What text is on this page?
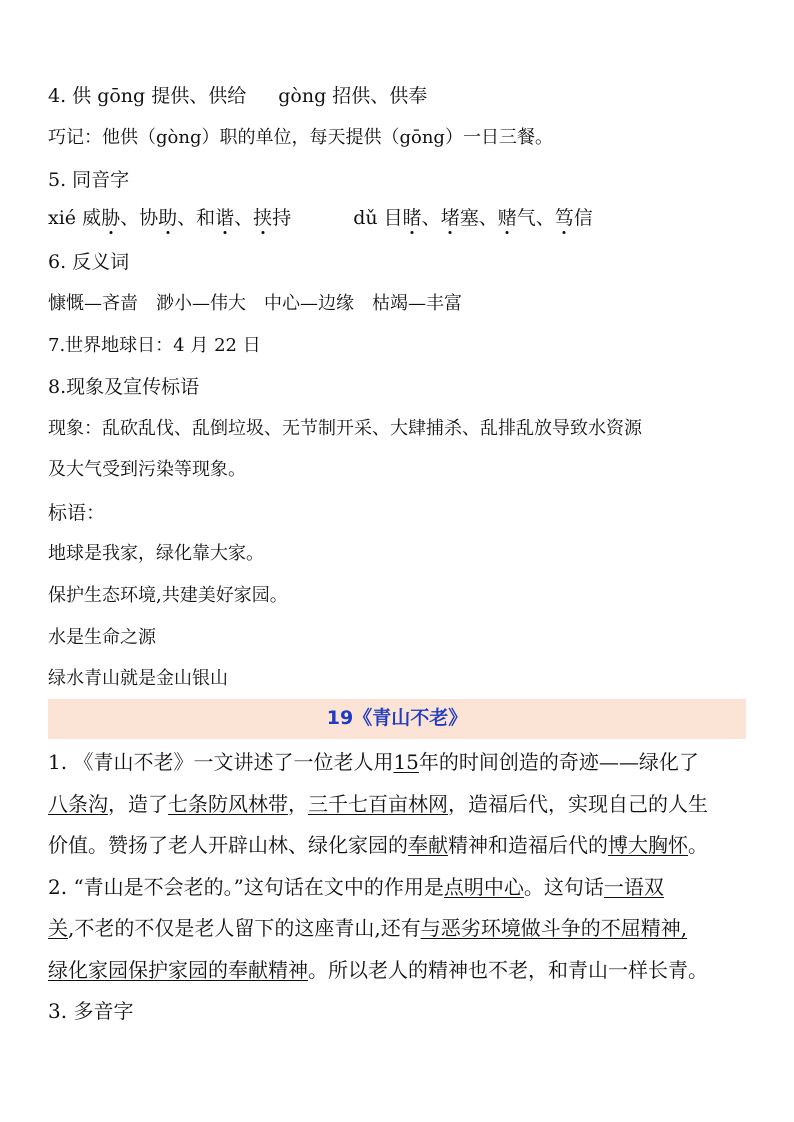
4. 供 gōng 提供、供给 gòng 招供、供奉
巧记：他供（gòng）职的单位，每天提供（gōng）一日三餐。
5. 同音字
xié 威胁、协助、和谐、挟持	dǔ 目睹、堵塞、赌气、笃信
6. 反义词
慷慨—吝啬 渺小—伟大 中心—边缘 枯竭—丰富
7.世界地球日：4 月 22 日
8.现象及宣传标语
现象：乱砍乱伐、乱倒垃圾、无节制开采、大肆捕杀、乱排乱放导致水资源
及大气受到污染等现象。
标语：
地球是我家，绿化靠大家。
保护生态环境,共建美好家园。
水是生命之源
绿水青山就是金山银山
19《青山不老》
1. 《青山不老》一文讲述了一位老人用15年的时间创造的奇迹——绿化了
八条沟，造了七条防风林带，三千七百亩林网，造福后代，实现自己的人生
价值。赞扬了老人开辟山林、绿化家园的奉献精神和造福后代的博大胸怀。
2. “青山是不会老的。”这句话在文中的作用是点明中心。这句话一语双
关,不老的不仅是老人留下的这座青山,还有与恶劣环境做斗争的不屈精神,
绿化家园保护家园的奉献精神。所以老人的精神也不老，和青山一样长青。
3. 多音字
